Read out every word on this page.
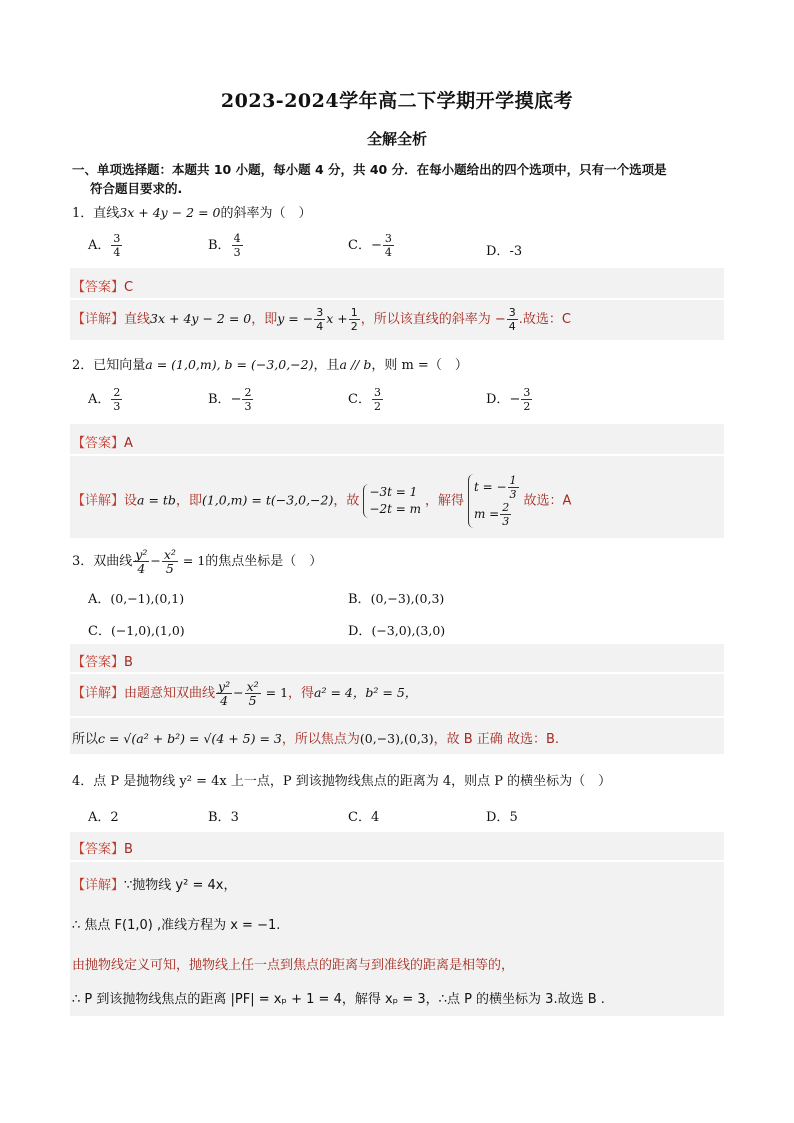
2023-2024学年高二下学期开学摸底考
全解全析
一、单项选择题：本题共 10 小题，每小题 4 分，共 40 分．在每小题给出的四个选项中，只有一个选项是
符合题目要求的.
1．直线3x + 4y − 2 = 0的斜率为（　）
A． $\frac{3}{4}$	B． $\frac{4}{3}$	C．− $\frac{3}{4}$	D．-3
【答案】C
【详解】直线3x + 4y − 2 = 0，即y = − $\frac{3}{4}$ $x + \frac{1}{2}$ ，所以该直线的斜率为 − $\frac{3}{4}$ .故选：C
2．已知向量a = (1,0,m), b = (−3,0,−2)，且a // b，则 m =（　）
A． $\frac{2}{3}$	B．− $\frac{2}{3}$	C． $\frac{3}{2}$	D．− $\frac{3}{2}$
【答案】A
【详解】设a = tb，即(1,0,m) = t(−3,0,−2)，故
−3t = 1
−2t = m
，解得
t = − $\frac{1}{3}$
$m = \frac{2}{3}$ 故选：A
3．双曲线 $\frac{\text{y²}}{4} - \frac{\text{x²}}{5} = 1$的焦点坐标是（　）
A．(0,−1),(0,1)	B．(0,−3),(0,3)
C．(−1,0),(1,0)	D．(−3,0),(3,0)
【答案】B
【详解】由题意知双曲线 $\frac{\text{y²}}{4} - \frac{\text{x²}}{5} = 1$，得a² = 4，b² = 5，
所以c = √(a² + b²) = √(4 + 5) = 3，所以焦点为(0,−3),(0,3)，故 B 正确 故选：B.
4．点 P 是抛物线 y² = 4x 上一点，P 到该抛物线焦点的距离为 4，则点 P 的横坐标为（　）
A．2	B．3	C．4	D．5
【答案】B
【详解】∵抛物线 y² = 4x，
∴ 焦点 F(1,0) ,准线方程为 x = −1.
由抛物线定义可知，抛物线上任一点到焦点的距离与到准线的距离是相等的，
∴ P 到该抛物线焦点的距离 |PF| = xₚ + 1 = 4，解得 xₚ = 3，∴点 P 的横坐标为 3.故选 B .
